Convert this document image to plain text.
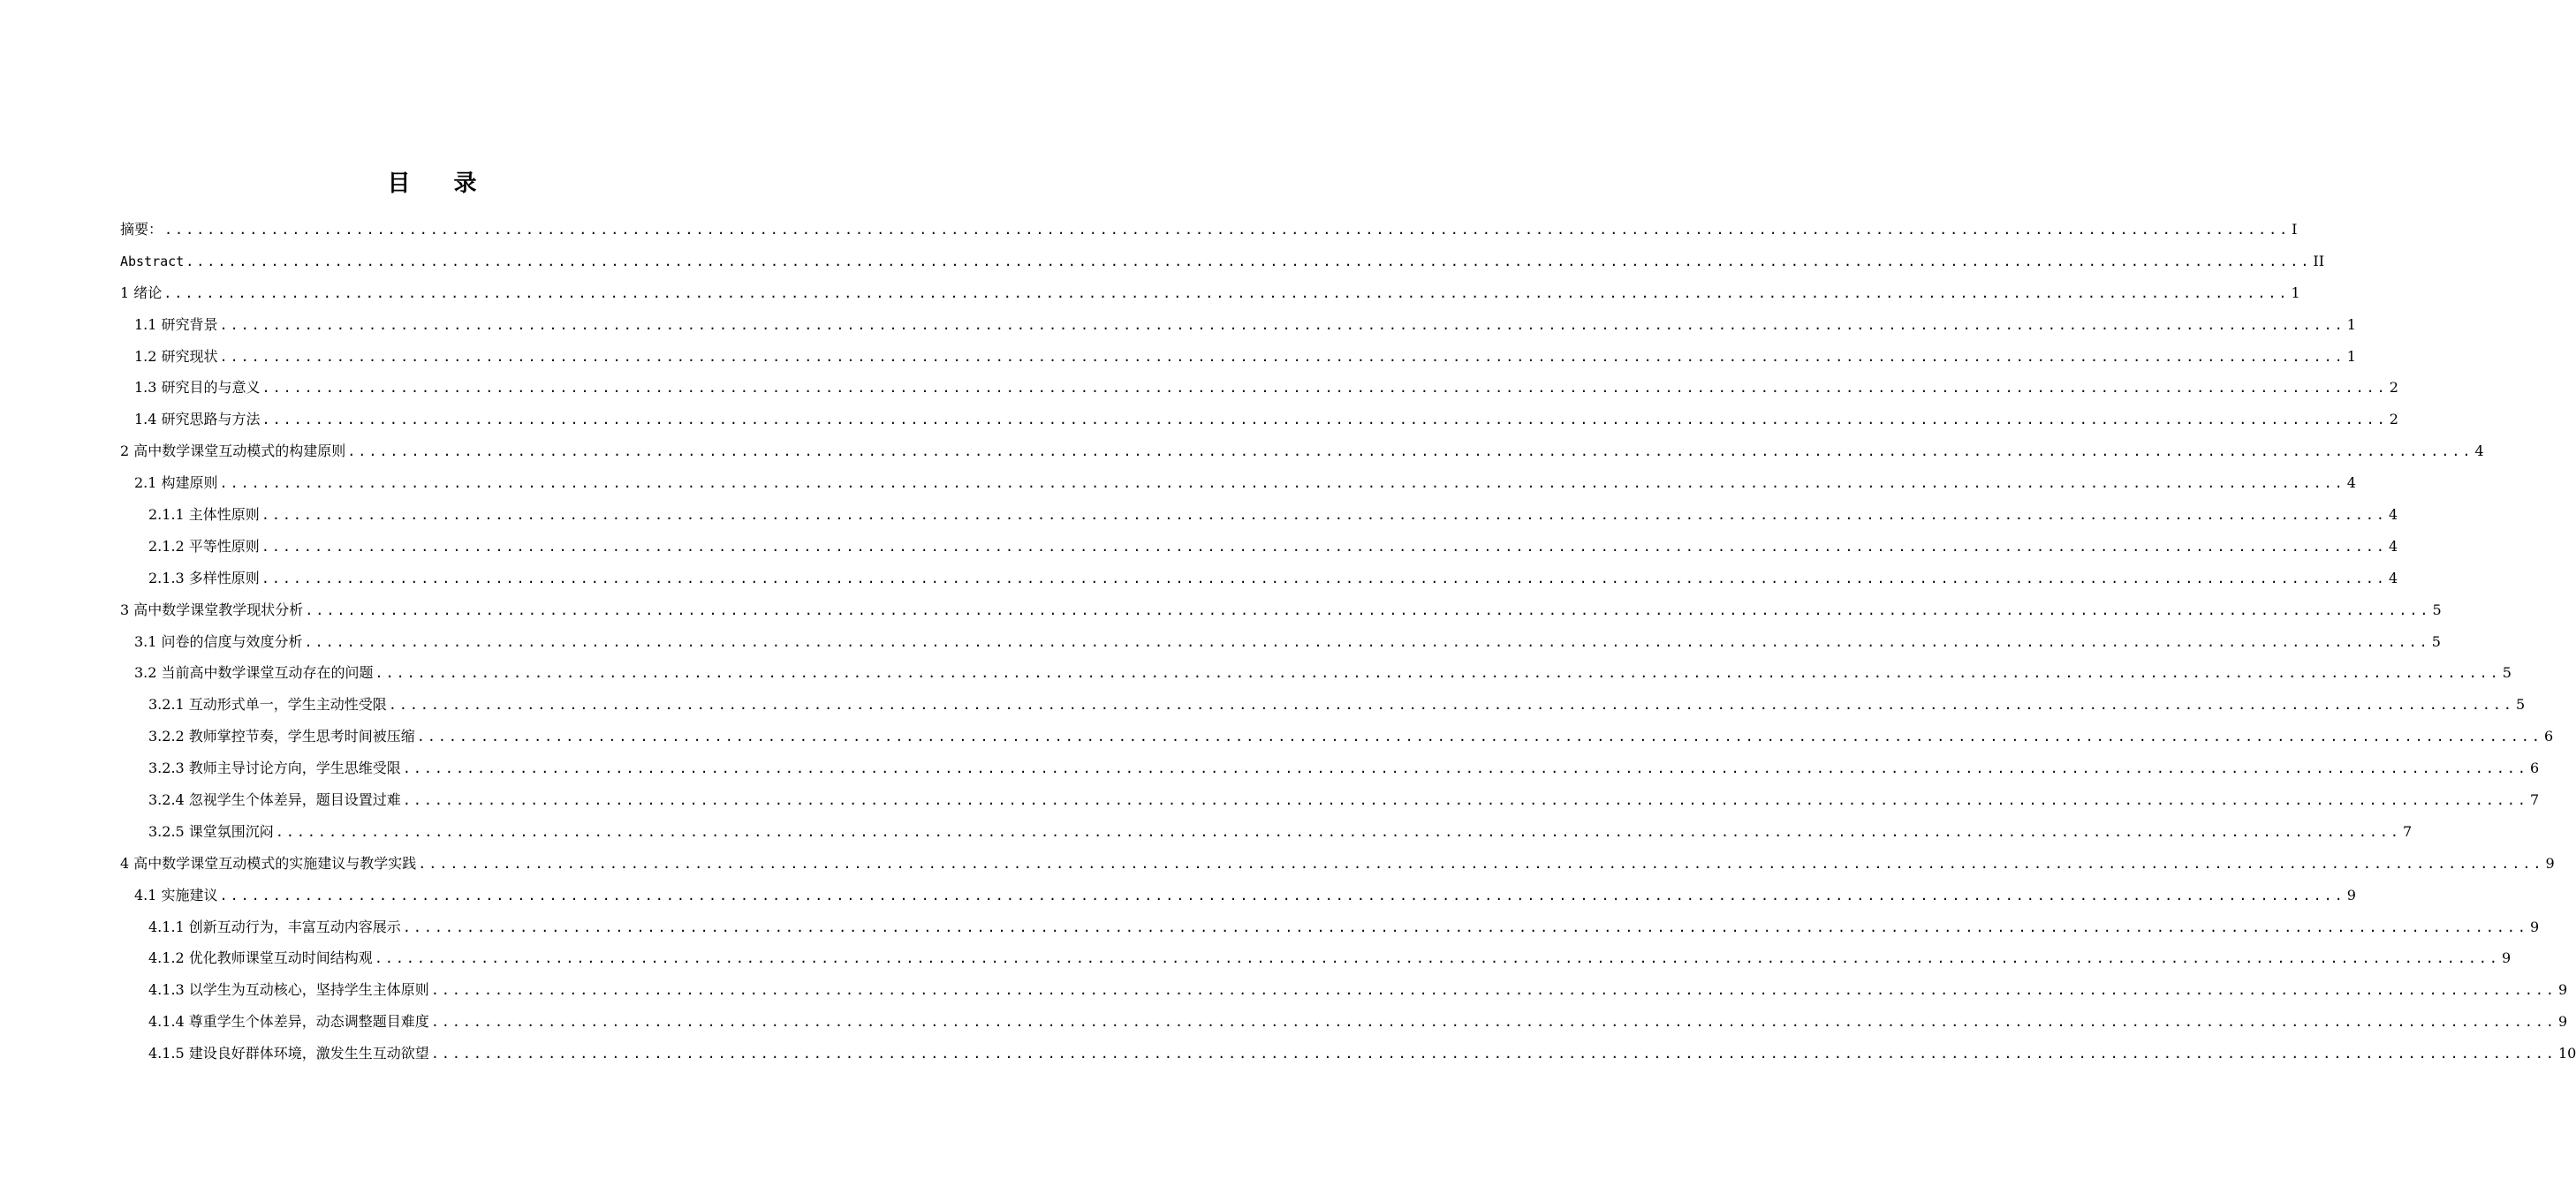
目 录
摘要： ........................................................................................................................................................................................................ I
Abstract ........................................................................................................................................................................................................ II
1 绪论 ........................................................................................................................................................................................................ 1
1.1 研究背景 ........................................................................................................................................................................................................ 1
1.2 研究现状 ........................................................................................................................................................................................................ 1
1.3 研究目的与意义 ........................................................................................................................................................................................................ 2
1.4 研究思路与方法 ........................................................................................................................................................................................................ 2
2 高中数学课堂互动模式的构建原则 ........................................................................................................................................................................................................ 4
2.1 构建原则 ........................................................................................................................................................................................................ 4
2.1.1 主体性原则 ........................................................................................................................................................................................................ 4
2.1.2 平等性原则 ........................................................................................................................................................................................................ 4
2.1.3 多样性原则 ........................................................................................................................................................................................................ 4
3 高中数学课堂教学现状分析 ........................................................................................................................................................................................................ 5
3.1 问卷的信度与效度分析 ........................................................................................................................................................................................................ 5
3.2 当前高中数学课堂互动存在的问题 ........................................................................................................................................................................................................ 5
3.2.1 互动形式单一，学生主动性受限 ........................................................................................................................................................................................................ 5
3.2.2 教师掌控节奏，学生思考时间被压缩 ........................................................................................................................................................................................................ 6
3.2.3 教师主导讨论方向，学生思维受限 ........................................................................................................................................................................................................ 6
3.2.4 忽视学生个体差异，题目设置过难 ........................................................................................................................................................................................................ 7
3.2.5 课堂氛围沉闷 ........................................................................................................................................................................................................ 7
4 高中数学课堂互动模式的实施建议与教学实践 ........................................................................................................................................................................................................ 9
4.1 实施建议 ........................................................................................................................................................................................................ 9
4.1.1 创新互动行为，丰富互动内容展示 ........................................................................................................................................................................................................ 9
4.1.2 优化教师课堂互动时间结构观 ........................................................................................................................................................................................................ 9
4.1.3 以学生为互动核心，坚持学生主体原则 ........................................................................................................................................................................................................ 9
4.1.4 尊重学生个体差异，动态调整题目难度 ........................................................................................................................................................................................................ 9
4.1.5 建设良好群体环境，激发生生互动欲望 ........................................................................................................................................................................................................ 10
